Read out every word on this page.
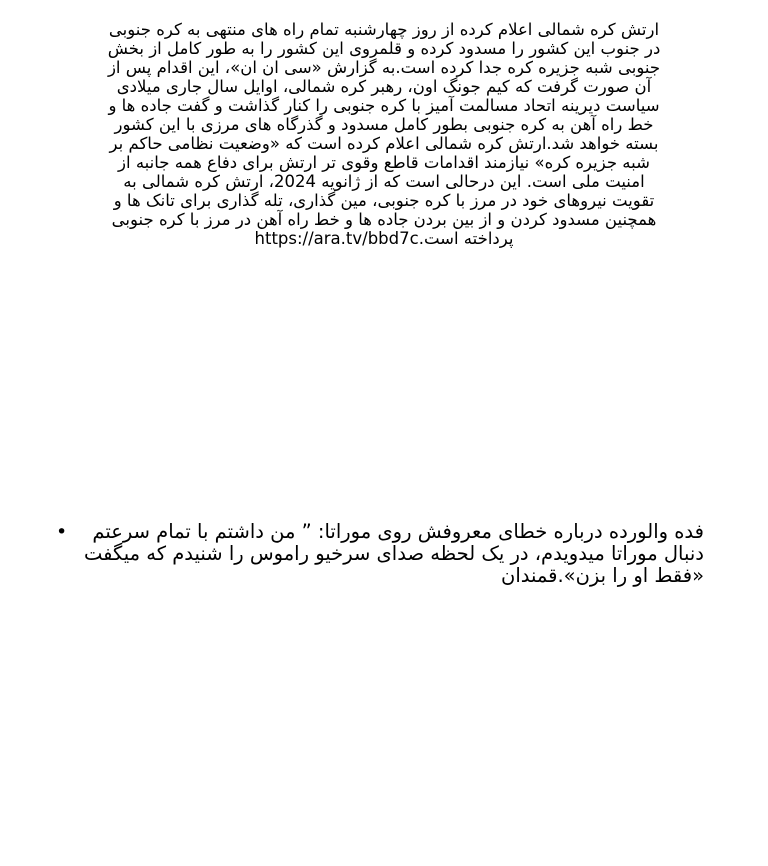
ارتش کره شمالی اعلام کرده از روز چهارشنبه تمام راه های منتهی به کره جنوبی در جنوب این کشور را مسدود کرده و قلمروی این کشور را به طور کامل از بخش جنوبی شبه جزیره کره جدا کرده است.به گزارش «سی ان ان»، این اقدام پس از آن صورت گرفت که کیم جونگ اون، رهبر کره شمالی، اوایل سال جاری میلادی سیاست دیرینه اتحاد مسالمت آمیز با کره جنوبی را کنار گذاشت و گفت جاده ها و خط راه آهن به کره جنوبی بطور کامل مسدود و گذرگاه های مرزی با این کشور بسته خواهد شد.ارتش کره شمالی اعلام کرده است که «وضعیت نظامی حاکم بر شبه جزیره کره» نیازمند اقدامات قاطع وقوی تر ارتش برای دفاع همه جانبه از امنیت ملی است. این درحالی است که از ژانویه 2024، ارتش کره شمالی به تقویت نیروهای خود در مرز با کره جنوبی، مین گذاری، تله گذاری برای تانک ها و همچنین مسدود کردن و از بین بردن جاده ها و خط راه آهن در مرز با کره جنوبی پرداخته است.https://ara.tv/bbd7c

•	فده والورده درباره خطای معروفش روی موراتا: ” من داشتم با تمام سرعتم دنبال موراتا میدویدم، در یک لحظه صدای سرخیو راموس را شنیدم که میگفت «فقط او را بزن».قمندان
